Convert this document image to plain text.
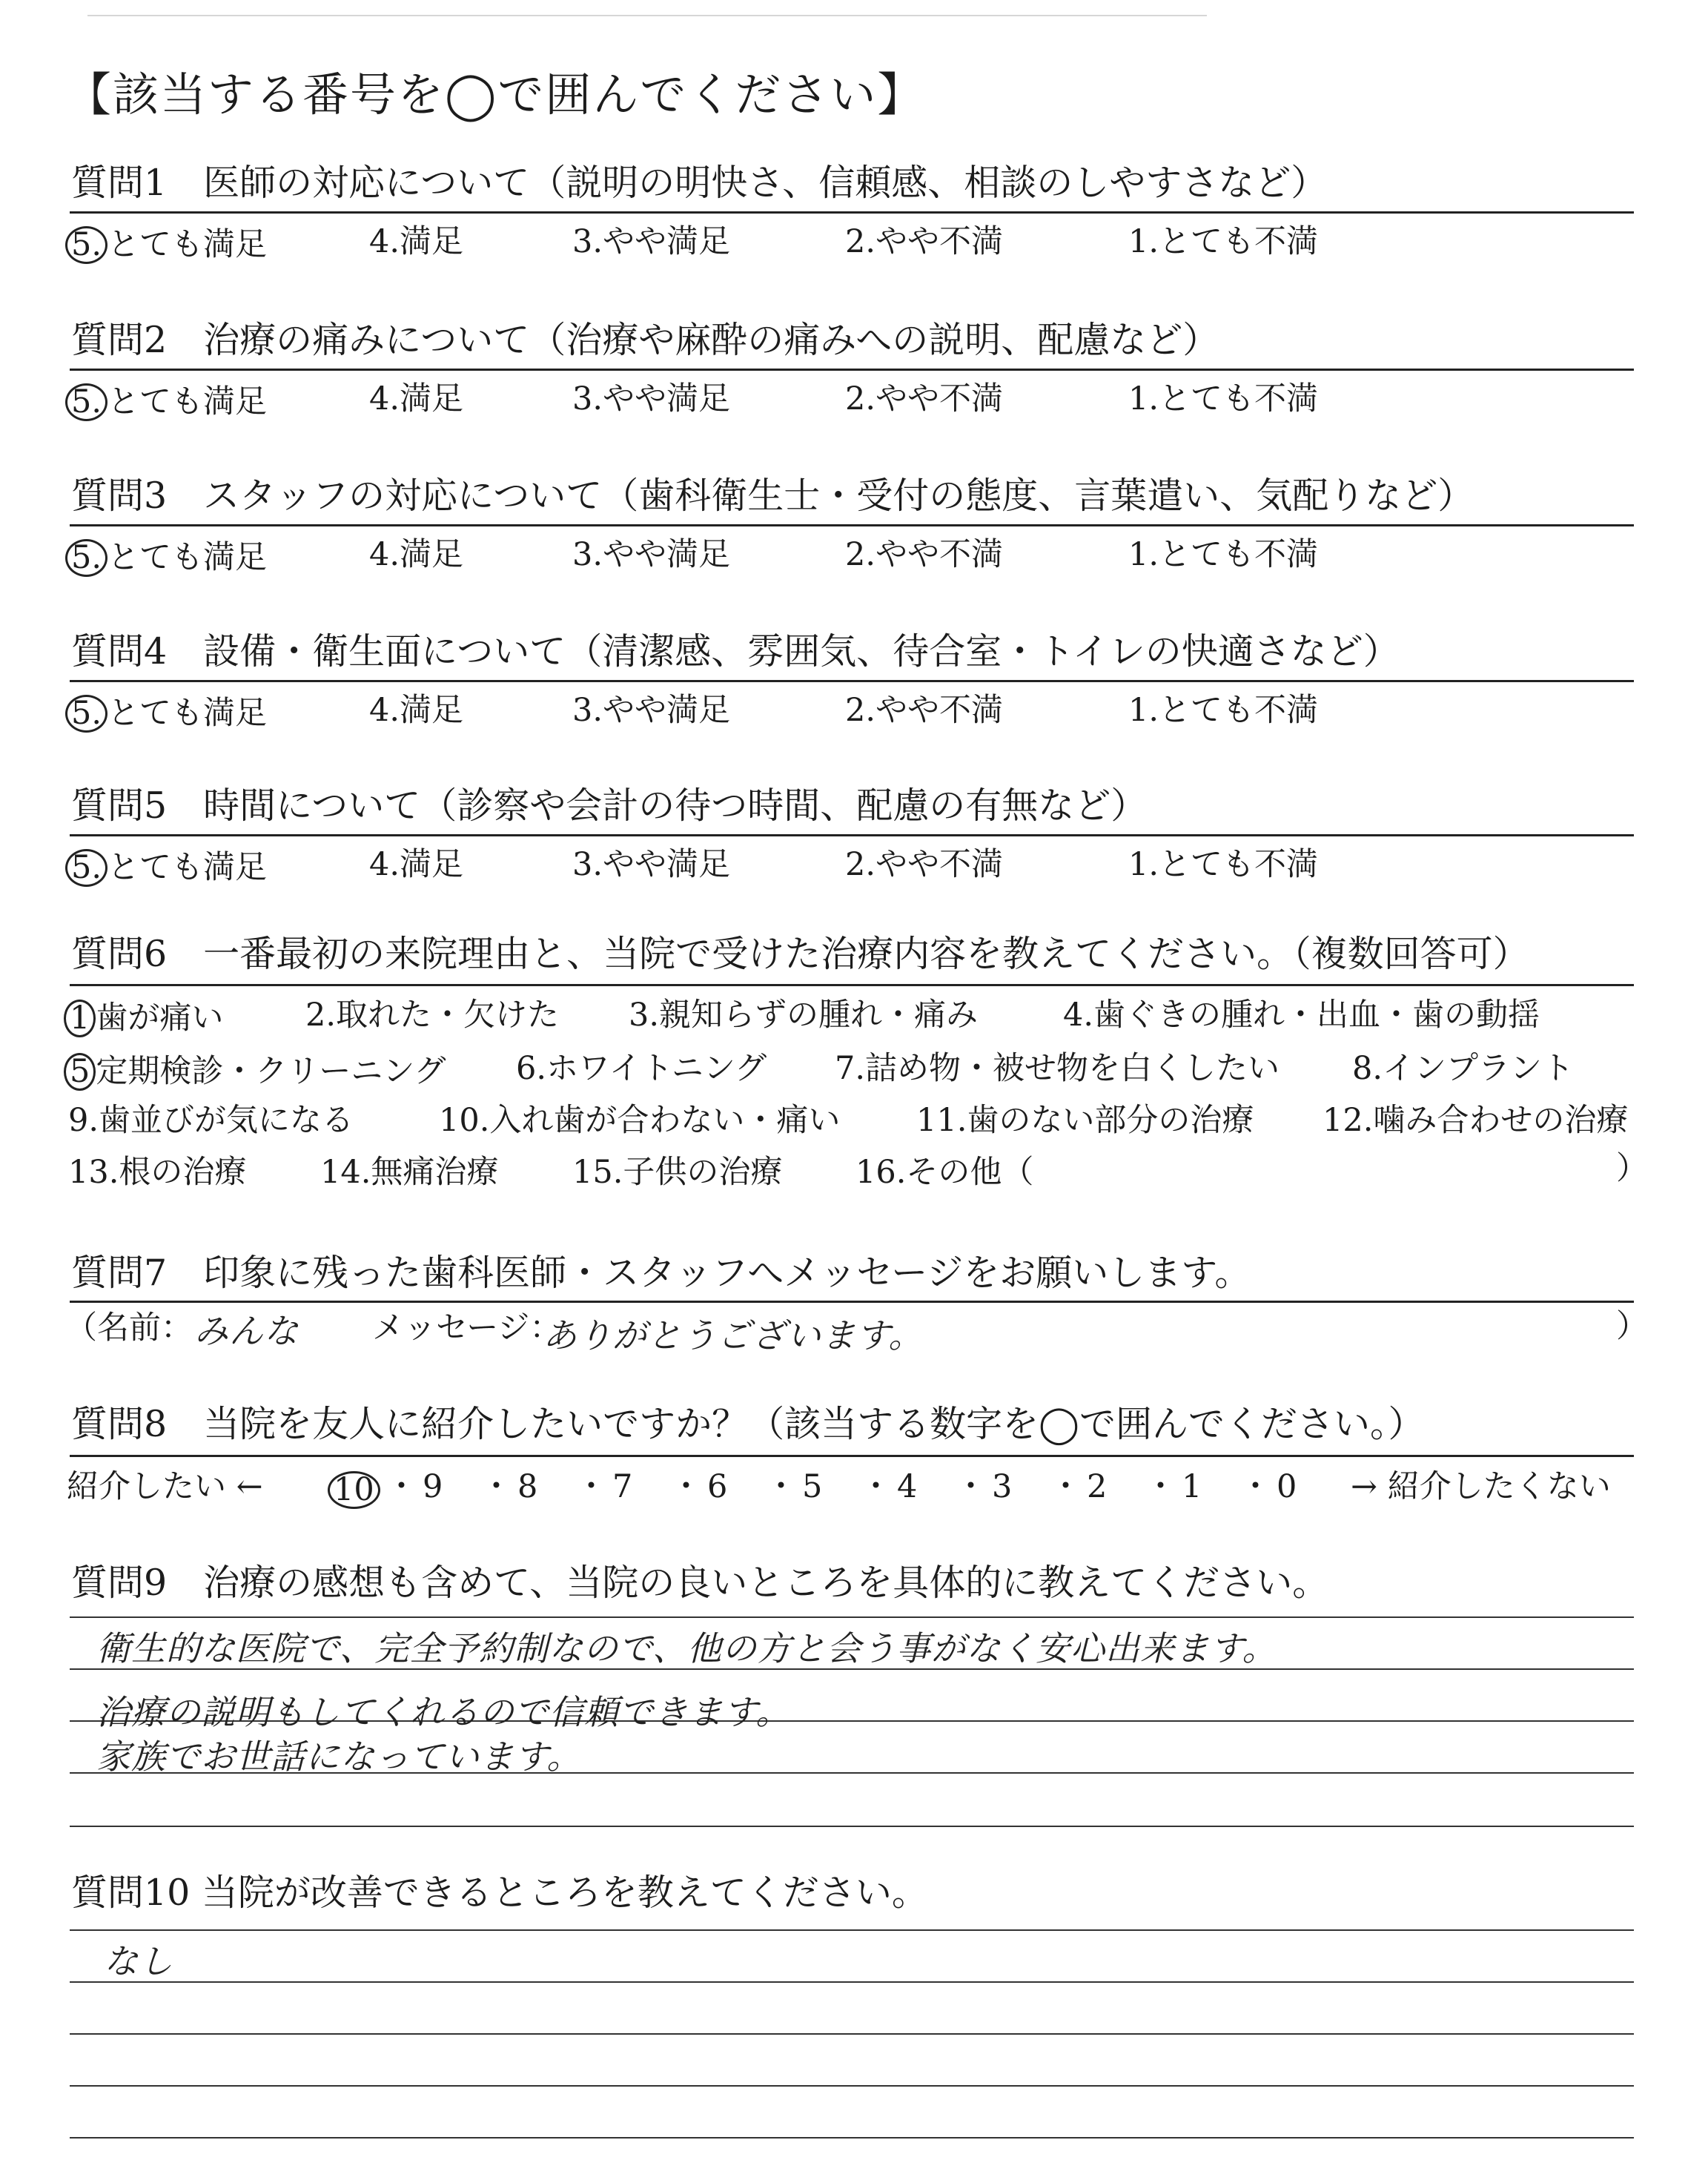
【該当する番号を◯で囲んでください】
質問1　医師の対応について（説明の明快さ、信頼感、相談のしやすさなど）
5. とても満足	4.満足	3.やや満足	2.やや不満	1.とても不満
質問2　治療の痛みについて（治療や麻酔の痛みへの説明、配慮など）
5. とても満足	4.満足	3.やや満足	2.やや不満	1.とても不満
質問3　スタッフの対応について（歯科衛生士・受付の態度、言葉遣い、気配りなど）
5. とても満足	4.満足	3.やや満足	2.やや不満	1.とても不満
質問4　設備・衛生面について（清潔感、雰囲気、待合室・トイレの快適さなど）
5. とても満足	4.満足	3.やや満足	2.やや不満	1.とても不満
質問5　時間について（診察や会計の待つ時間、配慮の有無など）
5. とても満足	4.満足	3.やや満足	2.やや不満	1.とても不満
質問6　一番最初の来院理由と、当院で受けた治療内容を教えてください。（複数回答可）
1 歯が痛い	2.取れた・欠けた 3.親知らずの腫れ・痛み	4.歯ぐきの腫れ・出血・歯の動揺
5 定期検診・クリーニング 6.ホワイトニング 7.詰め物・被せ物を白くしたい 8.インプラント
9.歯並びが気になる	10.入れ歯が合わない・痛い 11.歯のない部分の治療 12.噛み合わせの治療
13.根の治療 14.無痛治療 15.子供の治療 16.その他（	）
質問7　印象に残った歯科医師・スタッフへメッセージをお願いします。
（名前： みんな メッセージ：
ありがとうございます。	）
質問8　当院を友人に紹介したいですか？（該当する数字を◯で囲んでください。）
紹介したい ← 10 ・ 9 ・ 8 ・ 7 ・ 6 ・ 5 ・ 4 ・ 3 ・ 2 ・ 1 ・ 0 → 紹介したくない
質問9　治療の感想も含めて、当院の良いところを具体的に教えてください。
衛生的な医院で、完全予約制なので、他の方と会う事がなく安心出来ます。
治療の説明もしてくれるので信頼できます。
家族でお世話になっています。
質問10 当院が改善できるところを教えてください。
なし
